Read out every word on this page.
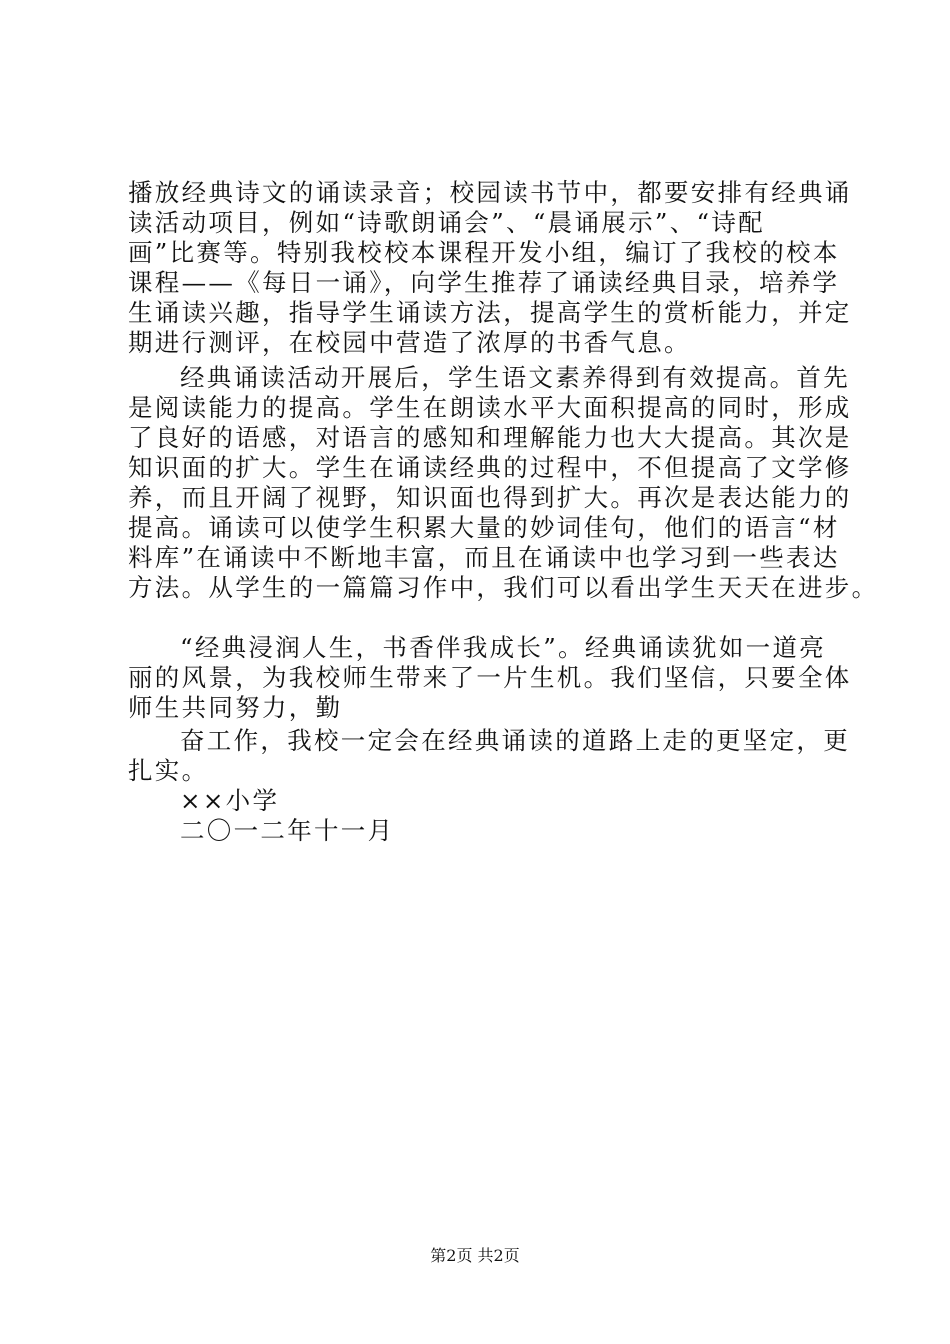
播放经典诗文的诵读录音；校园读书节中，都要安排有经典诵
读活动项目，例如“诗歌朗诵会”、“晨诵展示”、“诗配
画”比赛等。特别我校校本课程开发小组，编订了我校的校本
课程——《每日一诵》，向学生推荐了诵读经典目录，培养学
生诵读兴趣，指导学生诵读方法，提高学生的赏析能力，并定
期进行测评，在校园中营造了浓厚的书香气息。
经典诵读活动开展后，学生语文素养得到有效提高。首先
是阅读能力的提高。学生在朗读水平大面积提高的同时，形成
了良好的语感，对语言的感知和理解能力也大大提高。其次是
知识面的扩大。学生在诵读经典的过程中，不但提高了文学修
养，而且开阔了视野，知识面也得到扩大。再次是表达能力的
提高。诵读可以使学生积累大量的妙词佳句，他们的语言“材
料库”在诵读中不断地丰富，而且在诵读中也学习到一些表达
方法。从学生的一篇篇习作中，我们可以看出学生天天在进步。
“经典浸润人生，书香伴我成长”。经典诵读犹如一道亮
丽的风景，为我校师生带来了一片生机。我们坚信，只要全体
师生共同努力，勤
奋工作，我校一定会在经典诵读的道路上走的更坚定，更
扎实。
××小学
二〇一二年十一月
第2页 共2页
